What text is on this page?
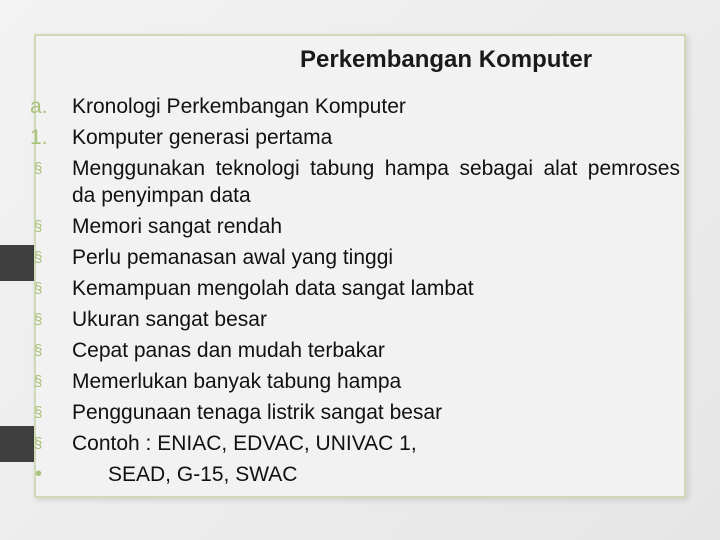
Perkembangan Komputer
a.	Kronologi Perkembangan Komputer
1.	Komputer generasi pertama
§	Menggunakan teknologi tabung hampa sebagai alat pemroses da penyimpan data
§	Memori sangat rendah
§	Perlu pemanasan awal yang tinggi
§	Kemampuan mengolah data sangat lambat
§	Ukuran sangat besar
§	Cepat panas dan mudah terbakar
§	Memerlukan banyak tabung hampa
§	Penggunaan tenaga listrik sangat besar
§	Contoh : ENIAC, EDVAC, UNIVAC 1,
•	SEAD, G-15, SWAC
